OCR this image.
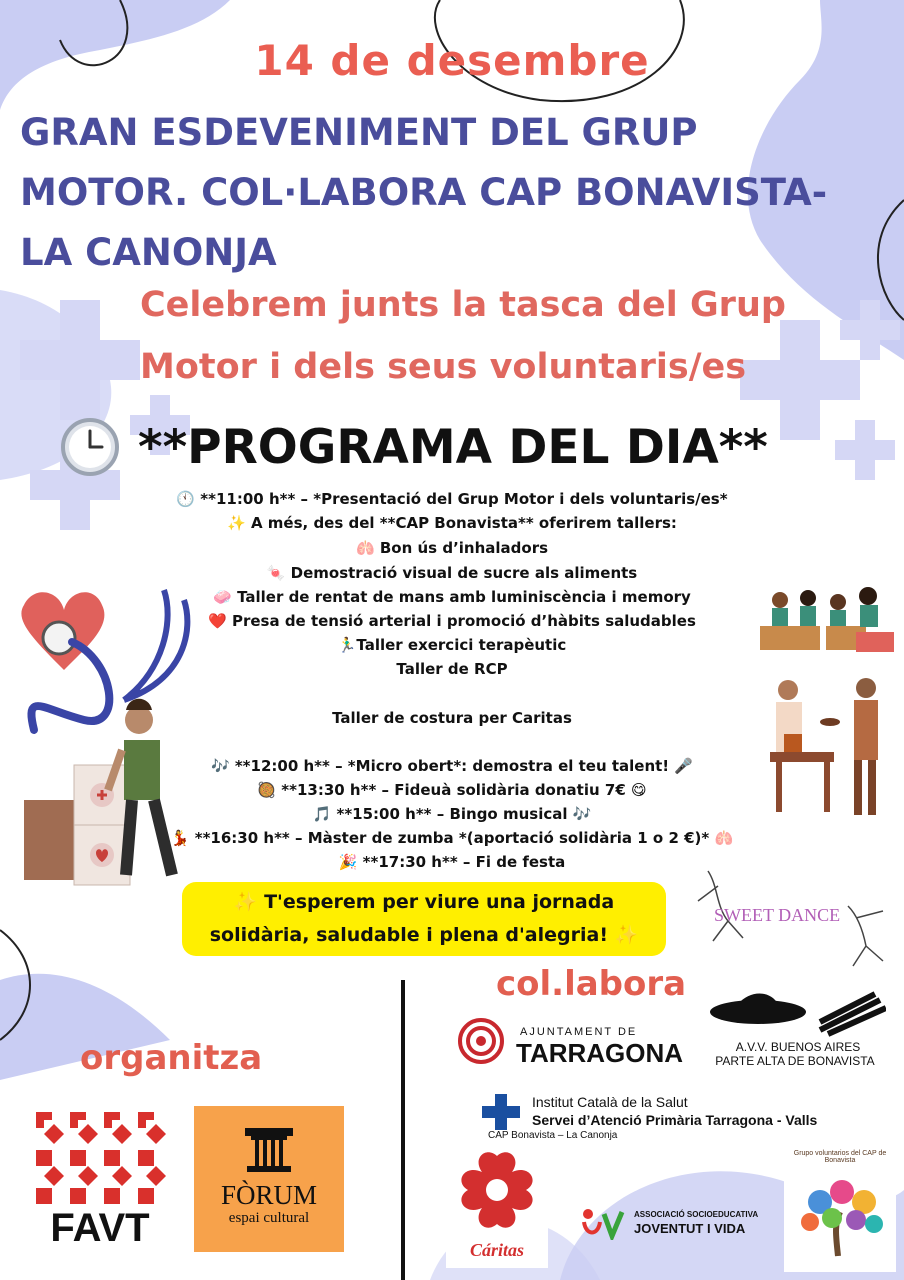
14 de desembre
GRAN ESDEVENIMENT DEL GRUP
MOTOR. COL·LABORA CAP BONAVISTA-
LA CANONJA
Celebrem junts la tasca del Grup
Motor i dels seus voluntaris/es
**PROGRAMA DEL DIA**
🕚 **11:00 h** – *Presentació del Grup Motor i dels voluntaris/es*
✨ A més, des del **CAP Bonavista** oferirem tallers:
🫁 Bon ús d’inhaladors
🍬 Demostració visual de sucre als aliments
🧼 Taller de rentat de mans amb luminiscència i memory
❤️ Presa de tensió arterial i promoció d’hàbits saludables
🏃‍♂️Taller exercici terapèutic
Taller de RCP
Taller de costura per Caritas
🎶 **12:00 h** – *Micro obert*: demostra el teu talent! 🎤
🥘 **13:30 h** – Fideuà solidària donatiu 7€ 😋
🎵 **15:00 h** – Bingo musical 🎶
💃 **16:30 h** – Màster de zumba *(aportació solidària 1 o 2 €)* 🫁
🎉 **17:30 h** – Fi de festa
SWEET DANCE
✨ T'esperem per viure una jornada
solidària, saludable i plena d'alegria! ✨
col.labora
organitza
AJUNTAMENT DE
TARRAGONA	A.V.V. BUENOS AIRES
PARTE ALTA DE BONAVISTA
Institut Català de la Salut
Servei d’Atenció Primària Tarragona - Valls
CAP Bonavista – La Canonja
Cáritas
ASSOCIACIÓ SOCIOEDUCATIVA
JOVENTUT I VIDA
Grupo voluntarios del CAP de Bonavista
FAVT
FÒRUM
espai cultural
